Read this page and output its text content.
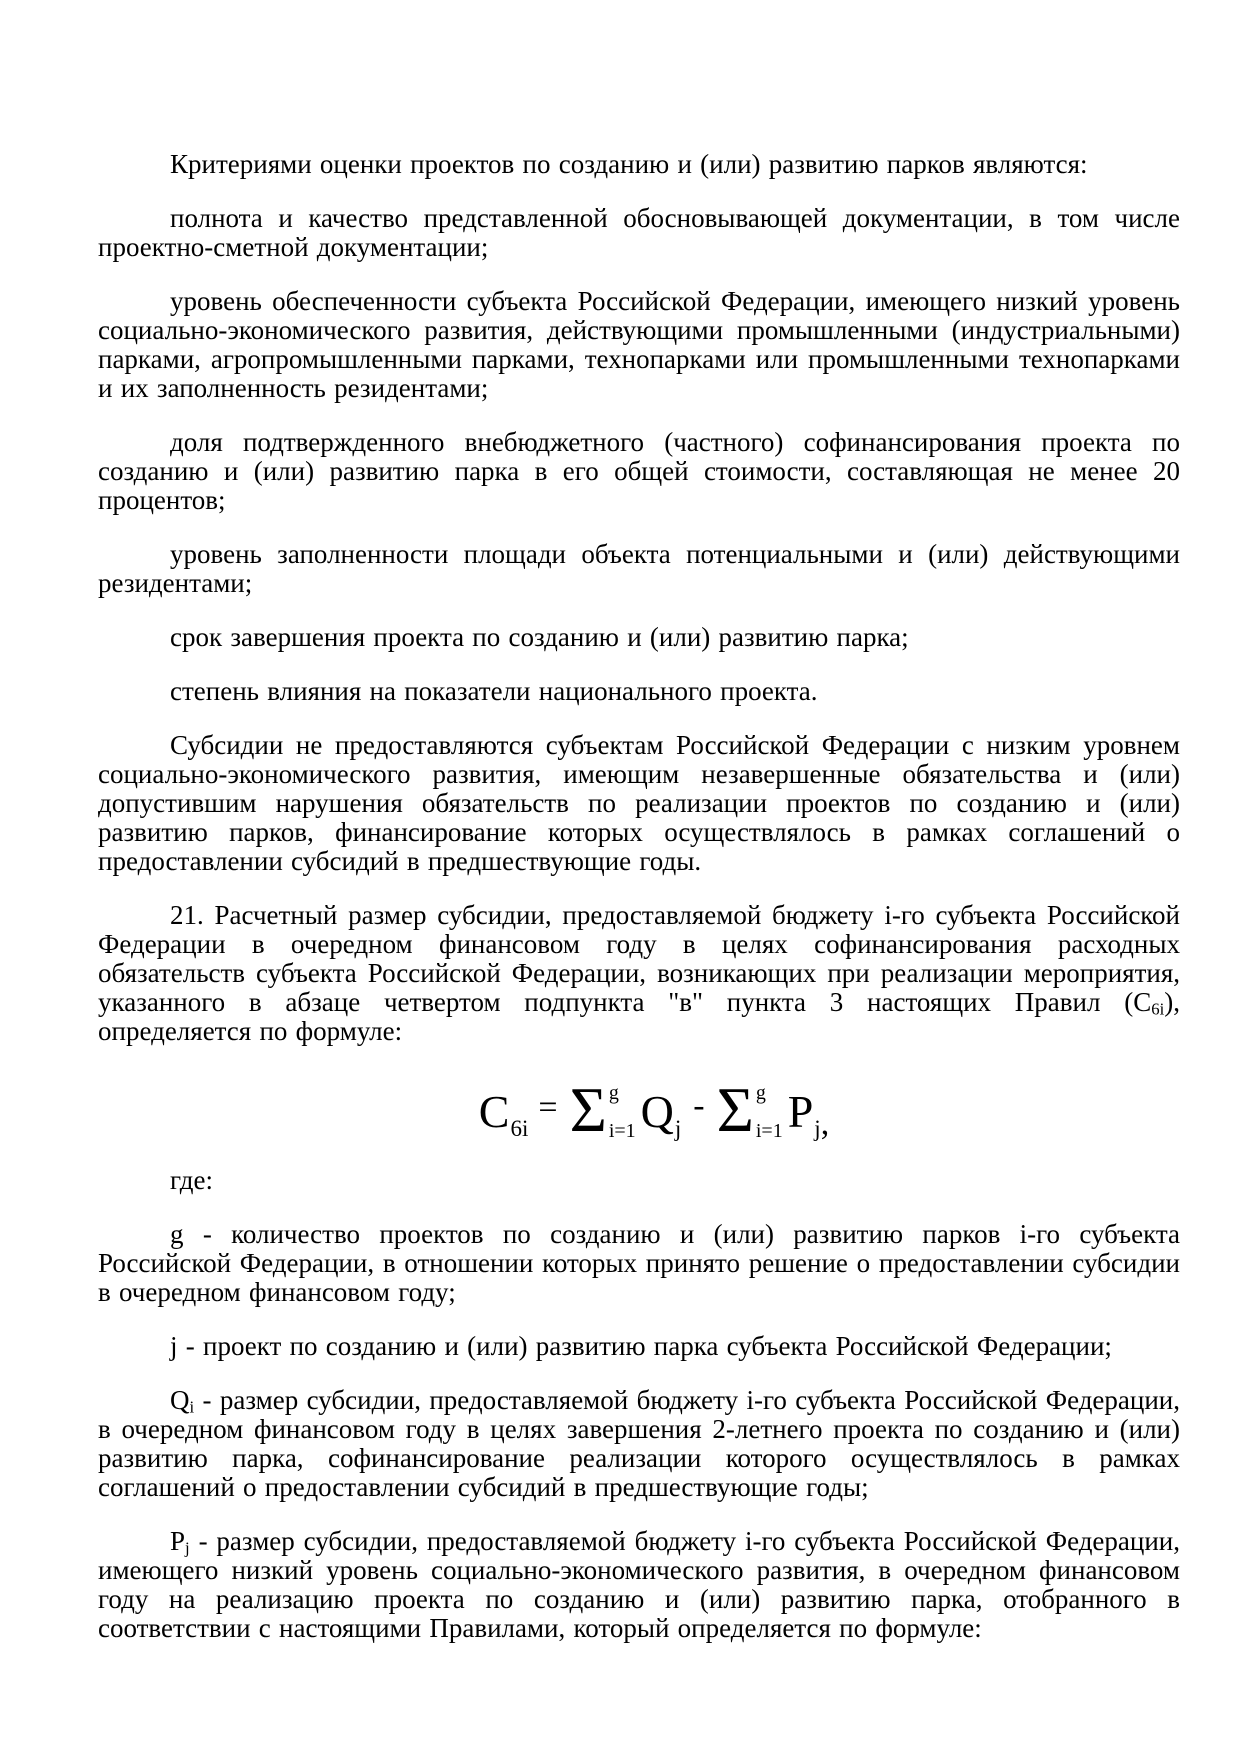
Критериями оценки проектов по созданию и (или) развитию парков являются:

полнота и качество представленной обосновывающей документации, в том числе проектно-сметной документации;

уровень обеспеченности субъекта Российской Федерации, имеющего низкий уровень социально-экономического развития, действующими промышленными (индустриальными) парками, агропромышленными парками, технопарками или промышленными технопарками и их заполненность резидентами;

доля подтвержденного внебюджетного (частного) софинансирования проекта по созданию и (или) развитию парка в его общей стоимости, составляющая не менее 20 процентов;

уровень заполненности площади объекта потенциальными и (или) действующими резидентами;

срок завершения проекта по созданию и (или) развитию парка;

степень влияния на показатели национального проекта.

Субсидии не предоставляются субъектам Российской Федерации с низким уровнем социально-экономического развития, имеющим незавершенные обязательства и (или) допустившим нарушения обязательств по реализации проектов по созданию и (или) развитию парков, финансирование которых осуществлялось в рамках соглашений о предоставлении субсидий в предшествующие годы.

21. Расчетный размер субсидии, предоставляемой бюджету i-го субъекта Российской Федерации в очередном финансовом году в целях софинансирования расходных обязательств субъекта Российской Федерации, возникающих при реализации мероприятия, указанного в абзаце четвертом подпункта "в" пункта 3 настоящих Правил $(С_{6i})$, определяется по формуле:

C 6i
= Σ g
i=1 Q j
- Σ g
i=1 P j ,

где:

g - количество проектов по созданию и (или) развитию парков i-го субъекта Российской Федерации, в отношении которых принято решение о предоставлении субсидии в очередном финансовом году;

j - проект по созданию и (или) развитию парка субъекта Российской Федерации;

$Q_i$ - размер субсидии, предоставляемой бюджету i-го субъекта Российской Федерации, в очередном финансовом году в целях завершения 2-летнего проекта по созданию и (или) развитию парка, софинансирование реализации которого осуществлялось в рамках соглашений о предоставлении субсидий в предшествующие годы;

$P_j$ - размер субсидии, предоставляемой бюджету i-го субъекта Российской Федерации, имеющего низкий уровень социально-экономического развития, в очередном финансовом году на реализацию проекта по созданию и (или) развитию парка, отобранного в соответствии с настоящими Правилами, который определяется по формуле:
